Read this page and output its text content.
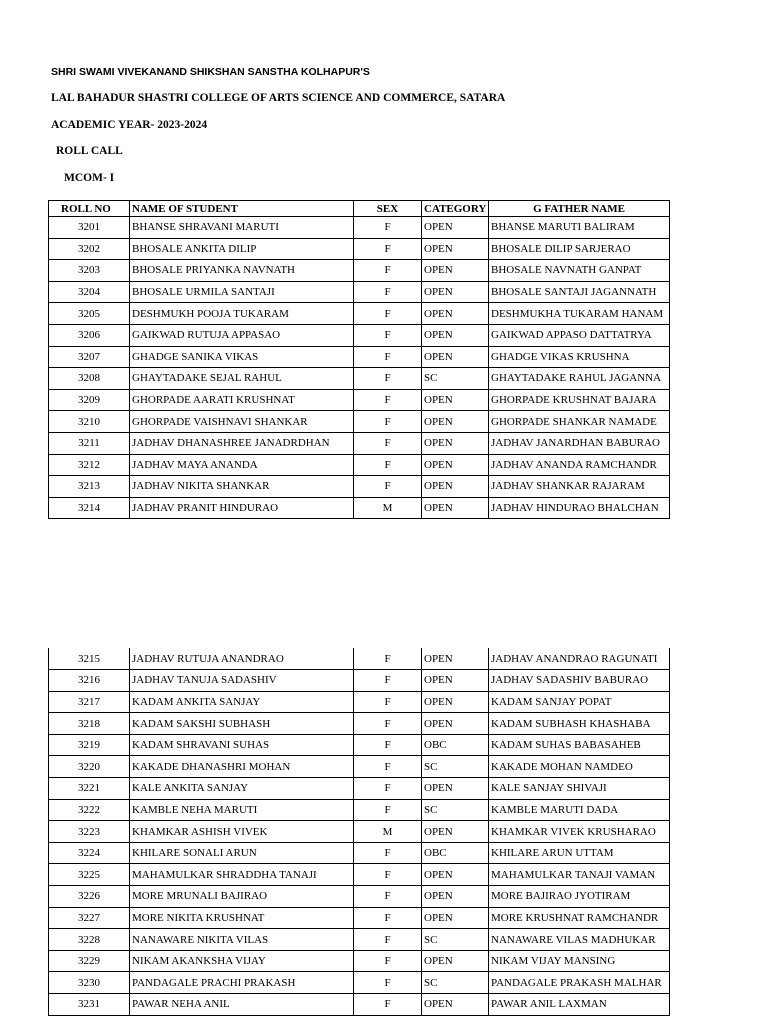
SHRI SWAMI VIVEKANAND SHIKSHAN SANSTHA KOLHAPUR'S
LAL BAHADUR SHASTRI COLLEGE OF ARTS SCIENCE AND COMMERCE, SATARA
ACADEMIC YEAR- 2023-2024
ROLL CALL
MCOM- I
ROLL NO	NAME OF STUDENT	SEX	CATEGORY	G FATHER NAME
3201	BHANSE SHRAVANI MARUTI	F	OPEN	BHANSE MARUTI BALIRAM
3202	BHOSALE ANKITA DILIP	F	OPEN	BHOSALE DILIP SARJERAO
3203	BHOSALE PRIYANKA NAVNATH	F	OPEN	BHOSALE NAVNATH GANPAT
3204	BHOSALE URMILA SANTAJI	F	OPEN	BHOSALE SANTAJI JAGANNATH
3205	DESHMUKH POOJA TUKARAM	F	OPEN	DESHMUKHA TUKARAM HANAM
3206	GAIKWAD RUTUJA APPASAO	F	OPEN	GAIKWAD APPASO DATTATRYA
3207	GHADGE SANIKA VIKAS	F	OPEN	GHADGE VIKAS KRUSHNA
3208	GHAYTADAKE SEJAL RAHUL	F	SC	GHAYTADAKE RAHUL JAGANNA
3209	GHORPADE AARATI KRUSHNAT	F	OPEN	GHORPADE KRUSHNAT BAJARA
3210	GHORPADE VAISHNAVI SHANKAR	F	OPEN	GHORPADE SHANKAR NAMADE
3211	JADHAV DHANASHREE JANADRDHAN	F	OPEN	JADHAV JANARDHAN BABURAO
3212	JADHAV MAYA ANANDA	F	OPEN	JADHAV ANANDA RAMCHANDR
3213	JADHAV NIKITA SHANKAR	F	OPEN	JADHAV SHANKAR RAJARAM
3214	JADHAV PRANIT HINDURAO	M	OPEN	JADHAV HINDURAO BHALCHAN
3215	JADHAV RUTUJA ANANDRAO	F	OPEN	JADHAV ANANDRAO RAGUNATI
3216	JADHAV TANUJA SADASHIV	F	OPEN	JADHAV SADASHIV BABURAO
3217	KADAM ANKITA SANJAY	F	OPEN	KADAM SANJAY POPAT
3218	KADAM SAKSHI SUBHASH	F	OPEN	KADAM SUBHASH KHASHABA
3219	KADAM SHRAVANI SUHAS	F	OBC	KADAM SUHAS BABASAHEB
3220	KAKADE DHANASHRI MOHAN	F	SC	KAKADE MOHAN NAMDEO
3221	KALE ANKITA SANJAY	F	OPEN	KALE SANJAY SHIVAJI
3222	KAMBLE NEHA MARUTI	F	SC	KAMBLE MARUTI DADA
3223	KHAMKAR ASHISH VIVEK	M	OPEN	KHAMKAR VIVEK KRUSHARAO
3224	KHILARE SONALI ARUN	F	OBC	KHILARE ARUN UTTAM
3225	MAHAMULKAR SHRADDHA TANAJI	F	OPEN	MAHAMULKAR TANAJI VAMAN
3226	MORE MRUNALI BAJIRAO	F	OPEN	MORE BAJIRAO JYOTIRAM
3227	MORE NIKITA KRUSHNAT	F	OPEN	MORE KRUSHNAT RAMCHANDR
3228	NANAWARE NIKITA VILAS	F	SC	NANAWARE VILAS MADHUKAR
3229	NIKAM AKANKSHA VIJAY	F	OPEN	NIKAM VIJAY MANSING
3230	PANDAGALE PRACHI PRAKASH	F	SC	PANDAGALE PRAKASH MALHAR
3231	PAWAR NEHA ANIL	F	OPEN	PAWAR ANIL LAXMAN
